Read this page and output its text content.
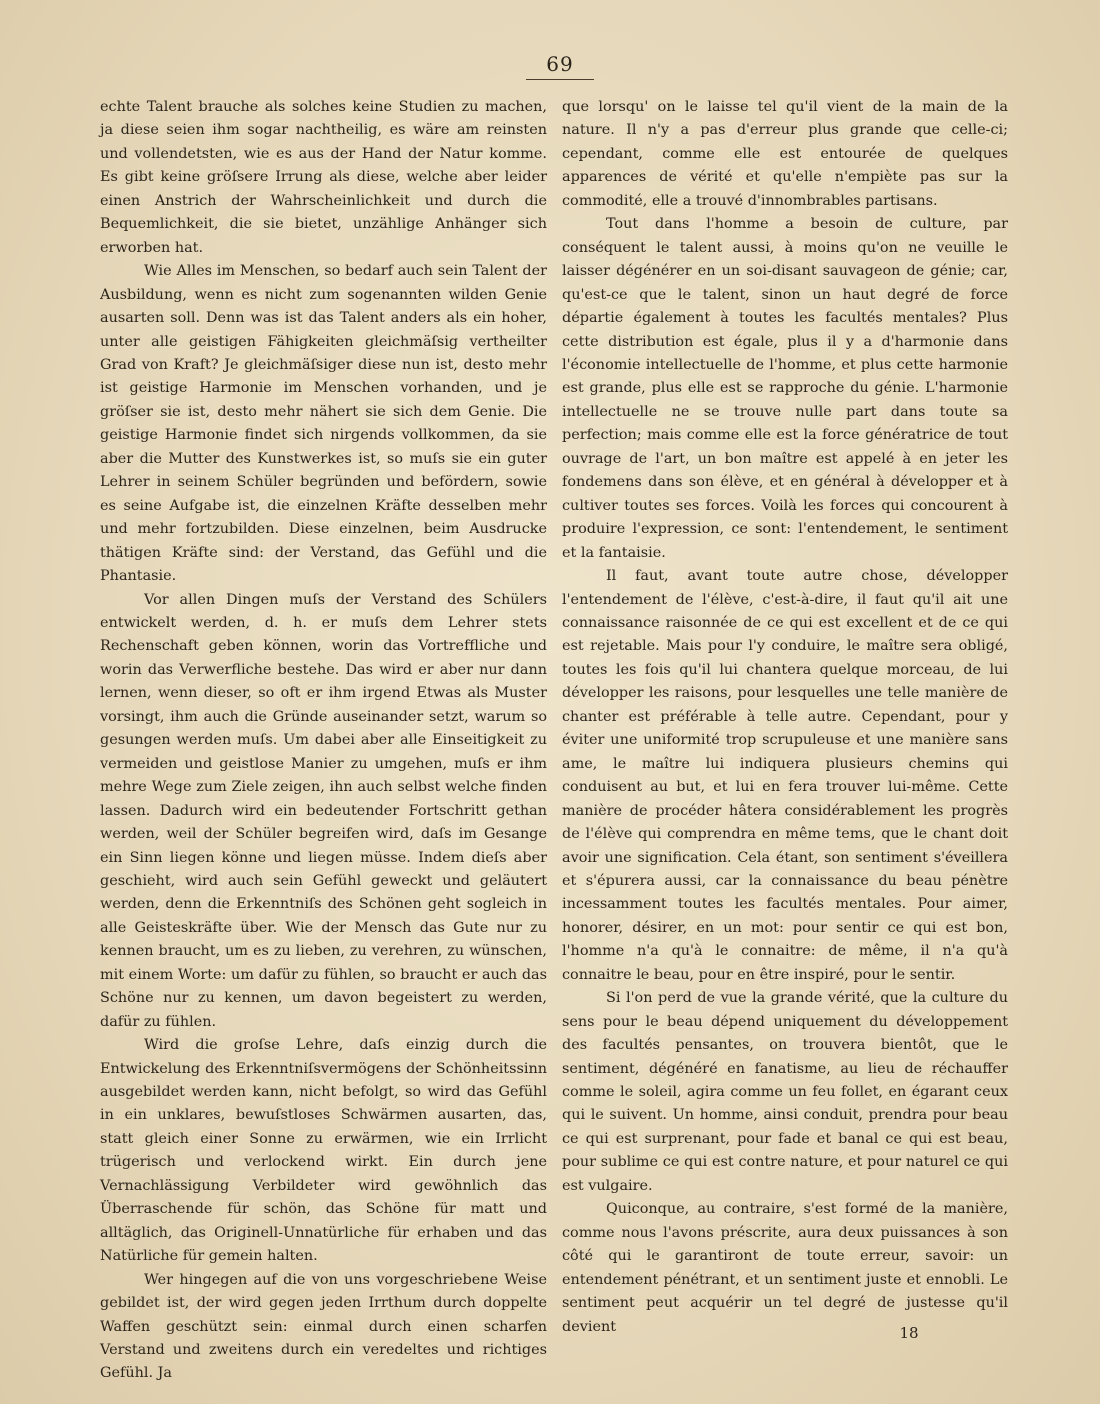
69

echte Talent brauche als solches keine Studien zu machen, ja diese seien ihm sogar nachtheilig, es wäre am reinsten und vollendetsten, wie es aus der Hand der Natur komme. Es gibt keine gröſsere Irrung als diese, welche aber leider einen Anstrich der Wahrscheinlichkeit und durch die Bequemlichkeit, die sie bietet, unzählige Anhänger sich erworben hat.

Wie Alles im Menschen, so bedarf auch sein Talent der Ausbildung, wenn es nicht zum sogenannten wilden Genie ausarten soll. Denn was ist das Talent anders als ein hoher, unter alle geistigen Fähigkeiten gleichmäſsig vertheilter Grad von Kraft? Je gleichmäſsiger diese nun ist, desto mehr ist geistige Harmonie im Menschen vorhanden, und je gröſser sie ist, desto mehr nähert sie sich dem Genie. Die geistige Harmonie findet sich nirgends vollkommen, da sie aber die Mutter des Kunstwerkes ist, so muſs sie ein guter Lehrer in seinem Schüler begründen und befördern, sowie es seine Aufgabe ist, die einzelnen Kräfte desselben mehr und mehr fortzubilden. Diese einzelnen, beim Ausdrucke thätigen Kräfte sind: der Verstand, das Gefühl und die Phantasie.

Vor allen Dingen muſs der Verstand des Schülers entwickelt werden, d. h. er muſs dem Lehrer stets Rechenschaft geben können, worin das Vortreffliche und worin das Verwerfliche bestehe. Das wird er aber nur dann lernen, wenn dieser, so oft er ihm irgend Etwas als Muster vorsingt, ihm auch die Gründe auseinander setzt, warum so gesungen werden muſs. Um dabei aber alle Einseitigkeit zu vermeiden und geistlose Manier zu umgehen, muſs er ihm mehre Wege zum Ziele zeigen, ihn auch selbst welche finden lassen. Dadurch wird ein bedeutender Fortschritt gethan werden, weil der Schüler begreifen wird, daſs im Gesange ein Sinn liegen könne und liegen müsse. Indem dieſs aber geschieht, wird auch sein Gefühl geweckt und geläutert werden, denn die Erkenntniſs des Schönen geht sogleich in alle Geisteskräfte über. Wie der Mensch das Gute nur zu kennen braucht, um es zu lieben, zu verehren, zu wünschen, mit einem Worte: um dafür zu fühlen, so braucht er auch das Schöne nur zu kennen, um davon begeistert zu werden, dafür zu fühlen.

Wird die groſse Lehre, daſs einzig durch die Entwickelung des Erkenntniſsvermögens der Schönheitssinn ausgebildet werden kann, nicht befolgt, so wird das Gefühl in ein unklares, bewuſstloses Schwärmen ausarten, das, statt gleich einer Sonne zu erwärmen, wie ein Irrlicht trügerisch und verlockend wirkt. Ein durch jene Vernachlässigung Verbildeter wird gewöhnlich das Überraschende für schön, das Schöne für matt und alltäglich, das Originell-Unnatürliche für erhaben und das Natürliche für gemein halten.

Wer hingegen auf die von uns vorgeschriebene Weise gebildet ist, der wird gegen jeden Irrthum durch doppelte Waffen geschützt sein: einmal durch einen scharfen Verstand und zweitens durch ein veredeltes und richtiges Gefühl. Ja

que lorsqu' on le laisse tel qu'il vient de la main de la nature. Il n'y a pas d'erreur plus grande que celle-ci; cependant, comme elle est entourée de quelques apparences de vérité et qu'elle n'empiète pas sur la commodité, elle a trouvé d'innombrables partisans.

Tout dans l'homme a besoin de culture, par conséquent le talent aussi, à moins qu'on ne veuille le laisser dégénérer en un soi-disant sauvageon de génie; car, qu'est-ce que le talent, sinon un haut degré de force départie également à toutes les facultés mentales? Plus cette distribution est égale, plus il y a d'harmonie dans l'économie intellectuelle de l'homme, et plus cette harmonie est grande, plus elle est se rapproche du génie. L'harmonie intellectuelle ne se trouve nulle part dans toute sa perfection; mais comme elle est la force génératrice de tout ouvrage de l'art, un bon maître est appelé à en jeter les fondemens dans son élève, et en général à développer et à cultiver toutes ses forces. Voilà les forces qui concourent à produire l'expression, ce sont: l'entendement, le sentiment et la fantaisie.

Il faut, avant toute autre chose, développer l'entendement de l'élève, c'est-à-dire, il faut qu'il ait une connaissance raisonnée de ce qui est excellent et de ce qui est rejetable. Mais pour l'y conduire, le maître sera obligé, toutes les fois qu'il lui chantera quelque morceau, de lui développer les raisons, pour lesquelles une telle manière de chanter est préférable à telle autre. Cependant, pour y éviter une uniformité trop scrupuleuse et une manière sans ame, le maître lui indiquera plusieurs chemins qui conduisent au but, et lui en fera trouver lui-même. Cette manière de procéder hâtera considérablement les progrès de l'élève qui comprendra en même tems, que le chant doit avoir une signification. Cela étant, son sentiment s'éveillera et s'épurera aussi, car la connaissance du beau pénètre incessamment toutes les facultés mentales. Pour aimer, honorer, désirer, en un mot: pour sentir ce qui est bon, l'homme n'a qu'à le connaitre: de même, il n'a qu'à connaitre le beau, pour en être inspiré, pour le sentir.

Si l'on perd de vue la grande vérité, que la culture du sens pour le beau dépend uniquement du développement des facultés pensantes, on trouvera bientôt, que le sentiment, dégénéré en fanatisme, au lieu de réchauffer comme le soleil, agira comme un feu follet, en égarant ceux qui le suivent. Un homme, ainsi conduit, prendra pour beau ce qui est surprenant, pour fade et banal ce qui est beau, pour sublime ce qui est contre nature, et pour naturel ce qui est vulgaire.

Quiconque, au contraire, s'est formé de la manière, comme nous l'avons préscrite, aura deux puissances à son côté qui le garantiront de toute erreur, savoir: un entendement pénétrant, et un sentiment juste et ennobli. Le sentiment peut acquérir un tel degré de justesse qu'il devient	18
